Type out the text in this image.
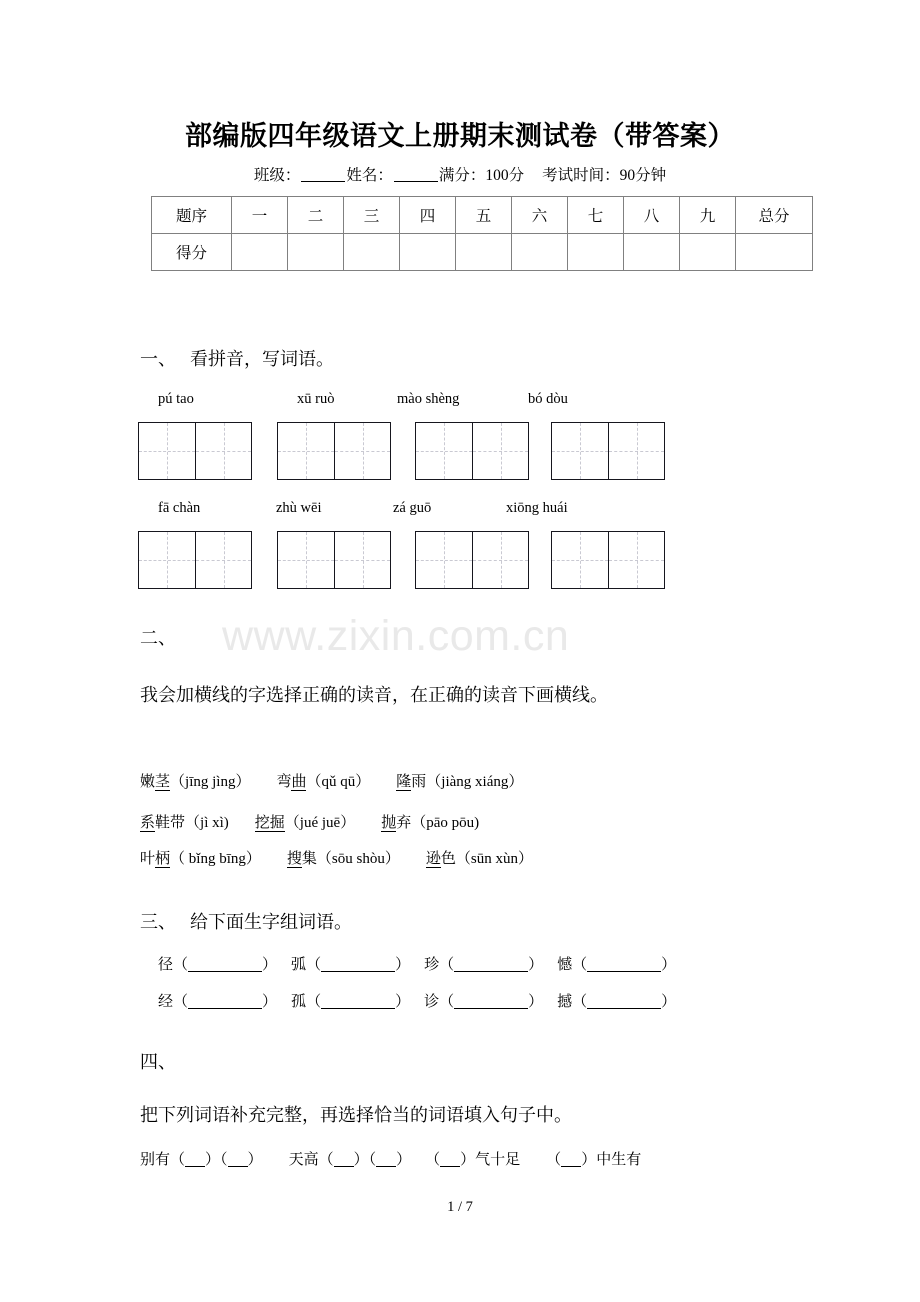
www.zixin.com.cn
部编版四年级语文上册期末测试卷（带答案）
班级：	姓名：	满分：100分 考试时间：90分钟
题序	一	二	三	四	五	六	七	八	九	总分
得分										
一、 看拼音，写词语。
pú tao	xū ruò	mào shèng	bó dòu
fā chàn	zhù wēi	zá guō	xiōng huái
二、
我会加横线的字选择正确的读音，在正确的读音下画横线。
嫩茎（jīng jìng） 弯曲（qǔ qū） 隆雨（jiàng xiáng）
系鞋带（jì xì) 挖掘（jué juē） 抛弃（pāo pōu)
叶柄（ bǐng bīng） 搜集（sōu shòu） 逊色（sūn xùn）
三、 给下面生字组词语。
径（	） 弧（	） 珍（	） 憾（	）
经（	） 孤（	） 诊（	） 撼（	）
四、
把下列词语补充完整，再选择恰当的词语填入句子中。
别有（ ）（ ） 天高（ ）（ ） （ ）气十足 （ ）中生有
1 / 7
